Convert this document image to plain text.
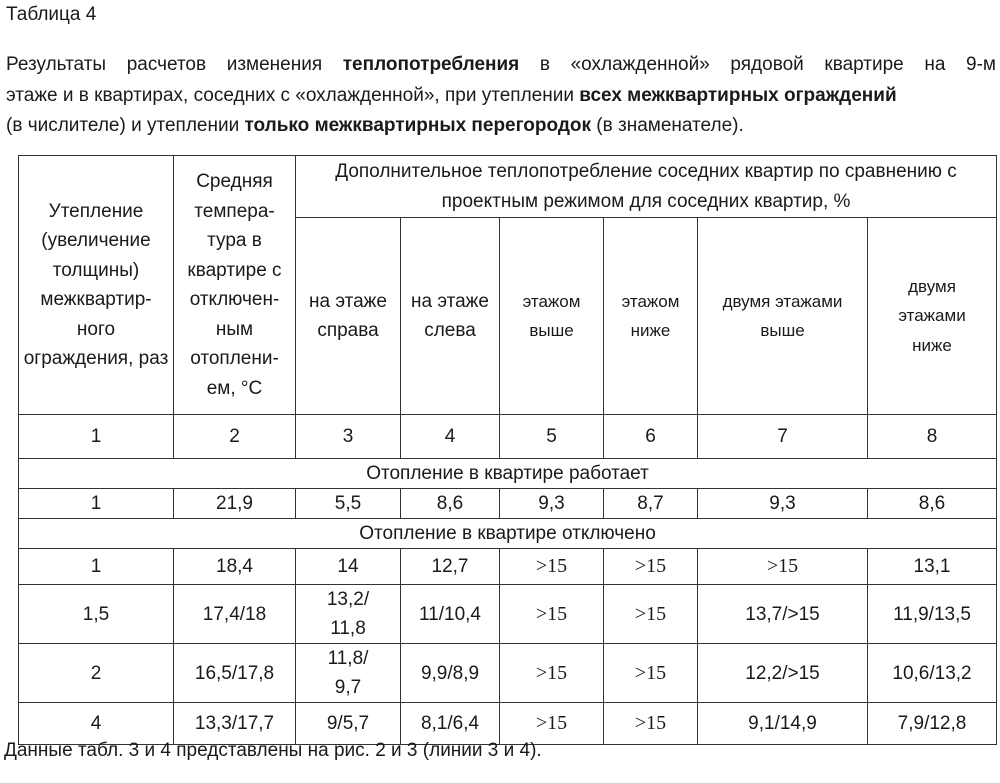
Таблица 4
Результаты расчетов изменения теплопотребления в «охлажденной» рядовой квартире на 9-м
этаже и в квартирах, соседних с «охлажденной», при утеплении всех межквартирных ограждений
(в числителе) и утеплении только межквартирных перегородок (в знаменателе).
Утепление (увеличение толщины) межквартир-ного ограждения, раз	Средняя темпера-тура в квартире с отключен-ным отоплени-ем, °С	Дополнительное теплопотребление соседних квартир по сравнению с проектным режимом для соседних квартир, %					
		на этаже справа	на этаже слева	этажом выше	этажом ниже	двумя этажами выше	двумя этажами ниже
1	2	3	4	5	6	7	8
Отопление в квартире работает							
1	21,9	5,5	8,6	9,3	8,7	9,3	8,6
Отопление в квартире отключено							
1	18,4	14	12,7	>15	>15	>15	13,1
1,5	17,4/18	13,2/ 11,8	11/10,4	>15	>15	13,7/>15	11,9/13,5
2	16,5/17,8	11,8/ 9,7	9,9/8,9	>15	>15	12,2/>15	10,6/13,2
4	13,3/17,7	9/5,7	8,1/6,4	>15	>15	9,1/14,9	7,9/12,8
Данные табл. 3 и 4 представлены на рис. 2 и 3 (линии 3 и 4).
